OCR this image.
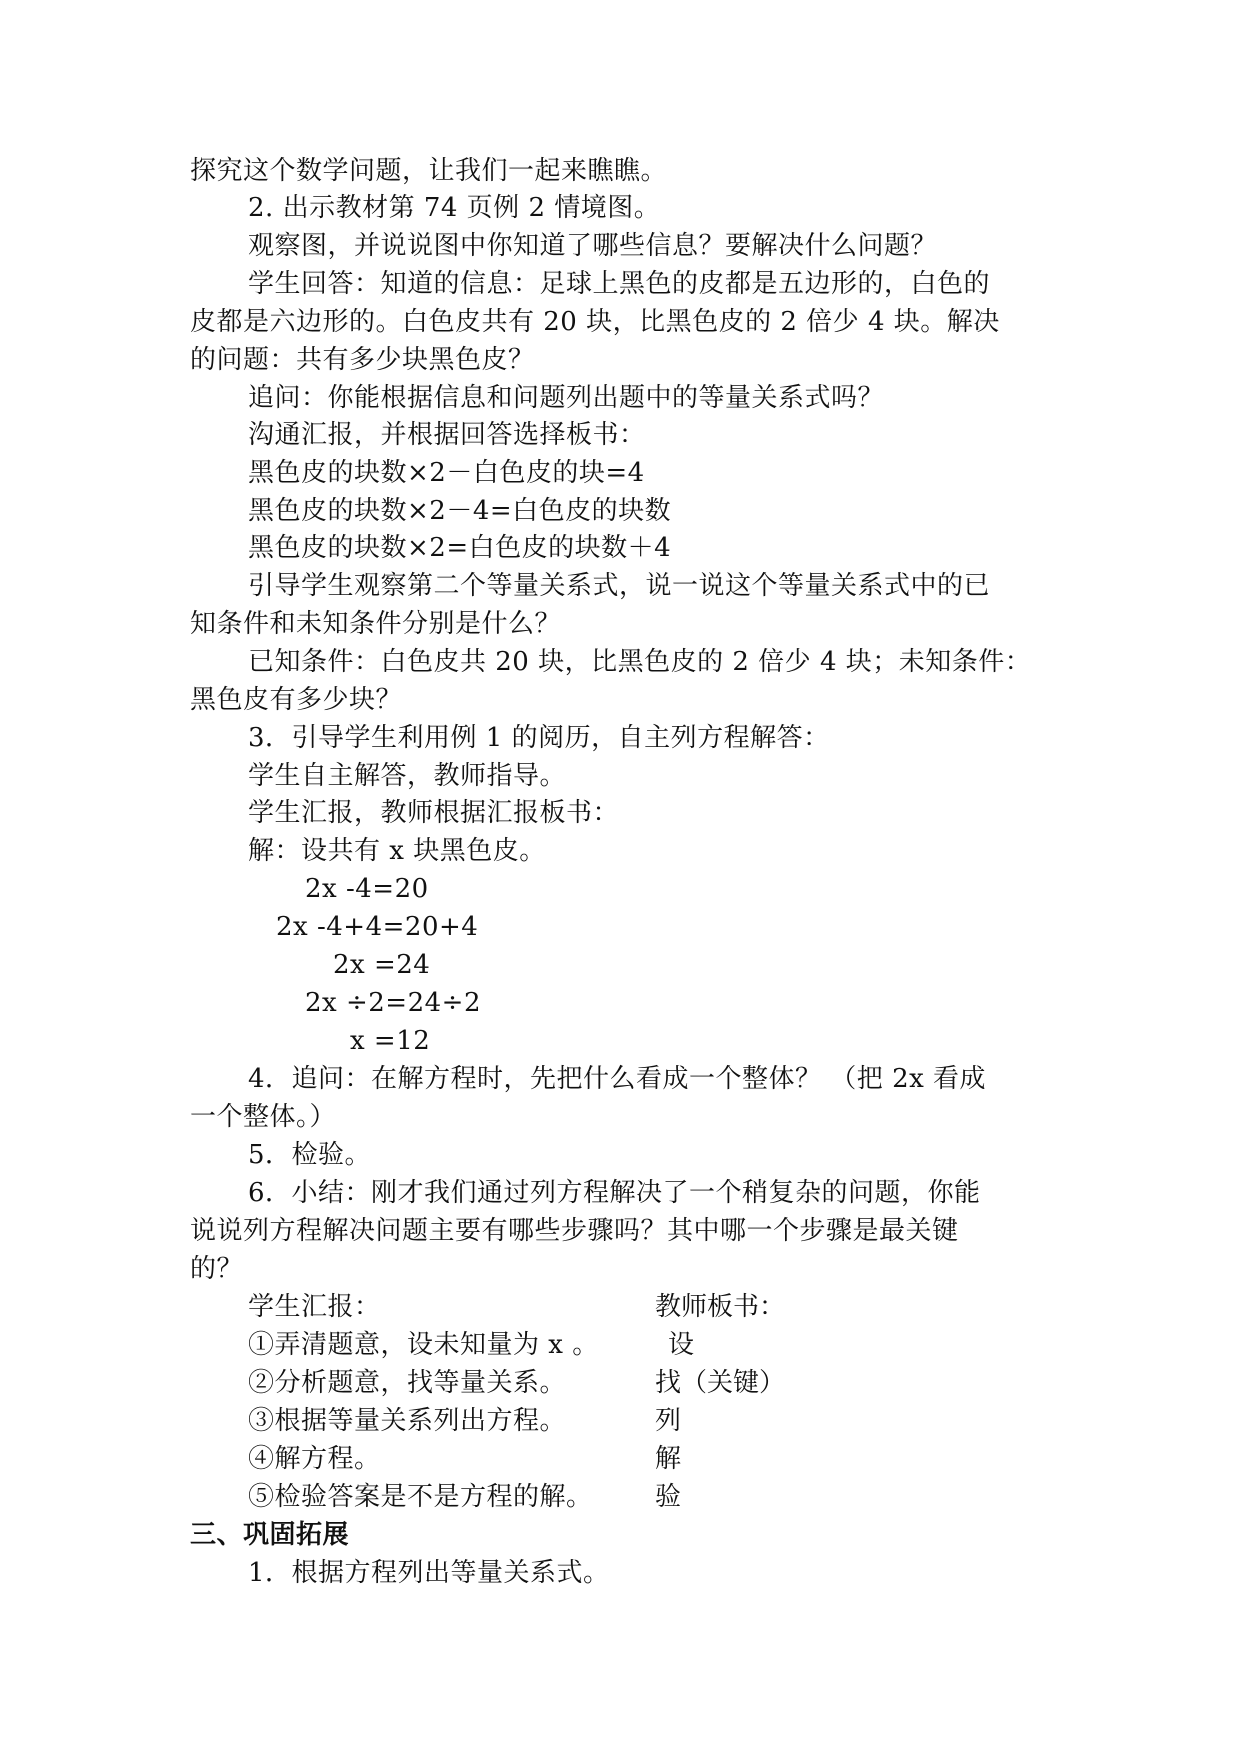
探究这个数学问题，让我们一起来瞧瞧。
2. 出示教材第 74 页例 2 情境图。
观察图，并说说图中你知道了哪些信息？要解决什么问题？
学生回答：知道的信息：足球上黑色的皮都是五边形的，白色的
皮都是六边形的。白色皮共有 20 块，比黑色皮的 2 倍少 4 块。解决
的问题：共有多少块黑色皮？
追问：你能根据信息和问题列出题中的等量关系式吗？
沟通汇报，并根据回答选择板书：
黑色皮的块数×2－白色皮的块=4
黑色皮的块数×2－4=白色皮的块数
黑色皮的块数×2=白色皮的块数＋4
引导学生观察第二个等量关系式，说一说这个等量关系式中的已
知条件和未知条件分别是什么？
已知条件：白色皮共 20 块，比黑色皮的 2 倍少 4 块；未知条件：
黑色皮有多少块？
3．引导学生利用例 1 的阅历，自主列方程解答：
学生自主解答，教师指导。
学生汇报，教师根据汇报板书：
解：设共有 x 块黑色皮。
2x -4=20
2x -4+4=20+4
2x =24
2x ÷2=24÷2
x =12
4．追问：在解方程时，先把什么看成一个整体？ （把 2x 看成
一个整体。）
5．检验。
6．小结：刚才我们通过列方程解决了一个稍复杂的问题，你能
说说列方程解决问题主要有哪些步骤吗？其中哪一个步骤是最关键
的？
学生汇报：	教师板书：
①弄清题意，设未知量为 x 。	设
②分析题意，找等量关系。	找（关键）
③根据等量关系列出方程。	列
④解方程。	解
⑤检验答案是不是方程的解。 验
三、巩固拓展
1．根据方程列出等量关系式。
